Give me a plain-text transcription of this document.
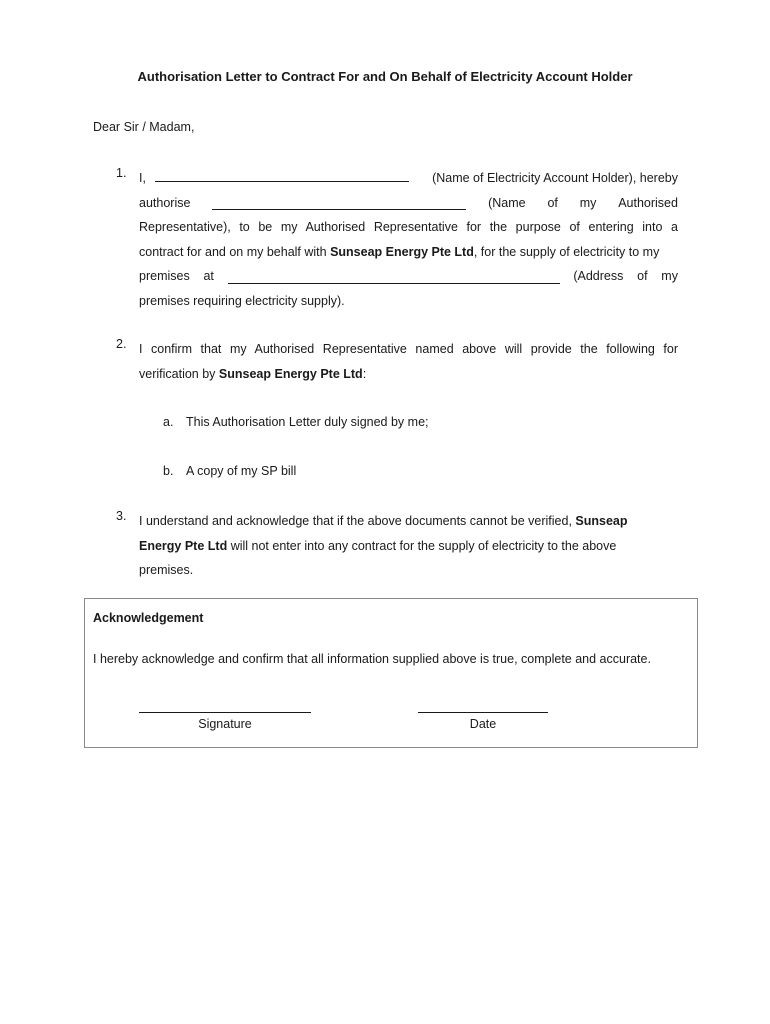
Authorisation Letter to Contract For and On Behalf of Electricity Account Holder
Dear Sir / Madam,
1. I,	(Name of Electricity Account Holder), hereby
authorise	(Name of my Authorised
Representative), to be my Authorised Representative for the purpose of entering into a
contract for and on my behalf with Sunseap Energy Pte Ltd, for the supply of electricity to my
premises at	(Address of my
premises requiring electricity supply).
2. I confirm that my Authorised Representative named above will provide the following for
verification by Sunseap Energy Pte Ltd:
a. This Authorisation Letter duly signed by me;
b. A copy of my SP bill
3. I understand and acknowledge that if the above documents cannot be verified, Sunseap
Energy Pte Ltd will not enter into any contract for the supply of electricity to the above
premises.
Acknowledgement
I hereby acknowledge and confirm that all information supplied above is true, complete and accurate.
Signature	Date
